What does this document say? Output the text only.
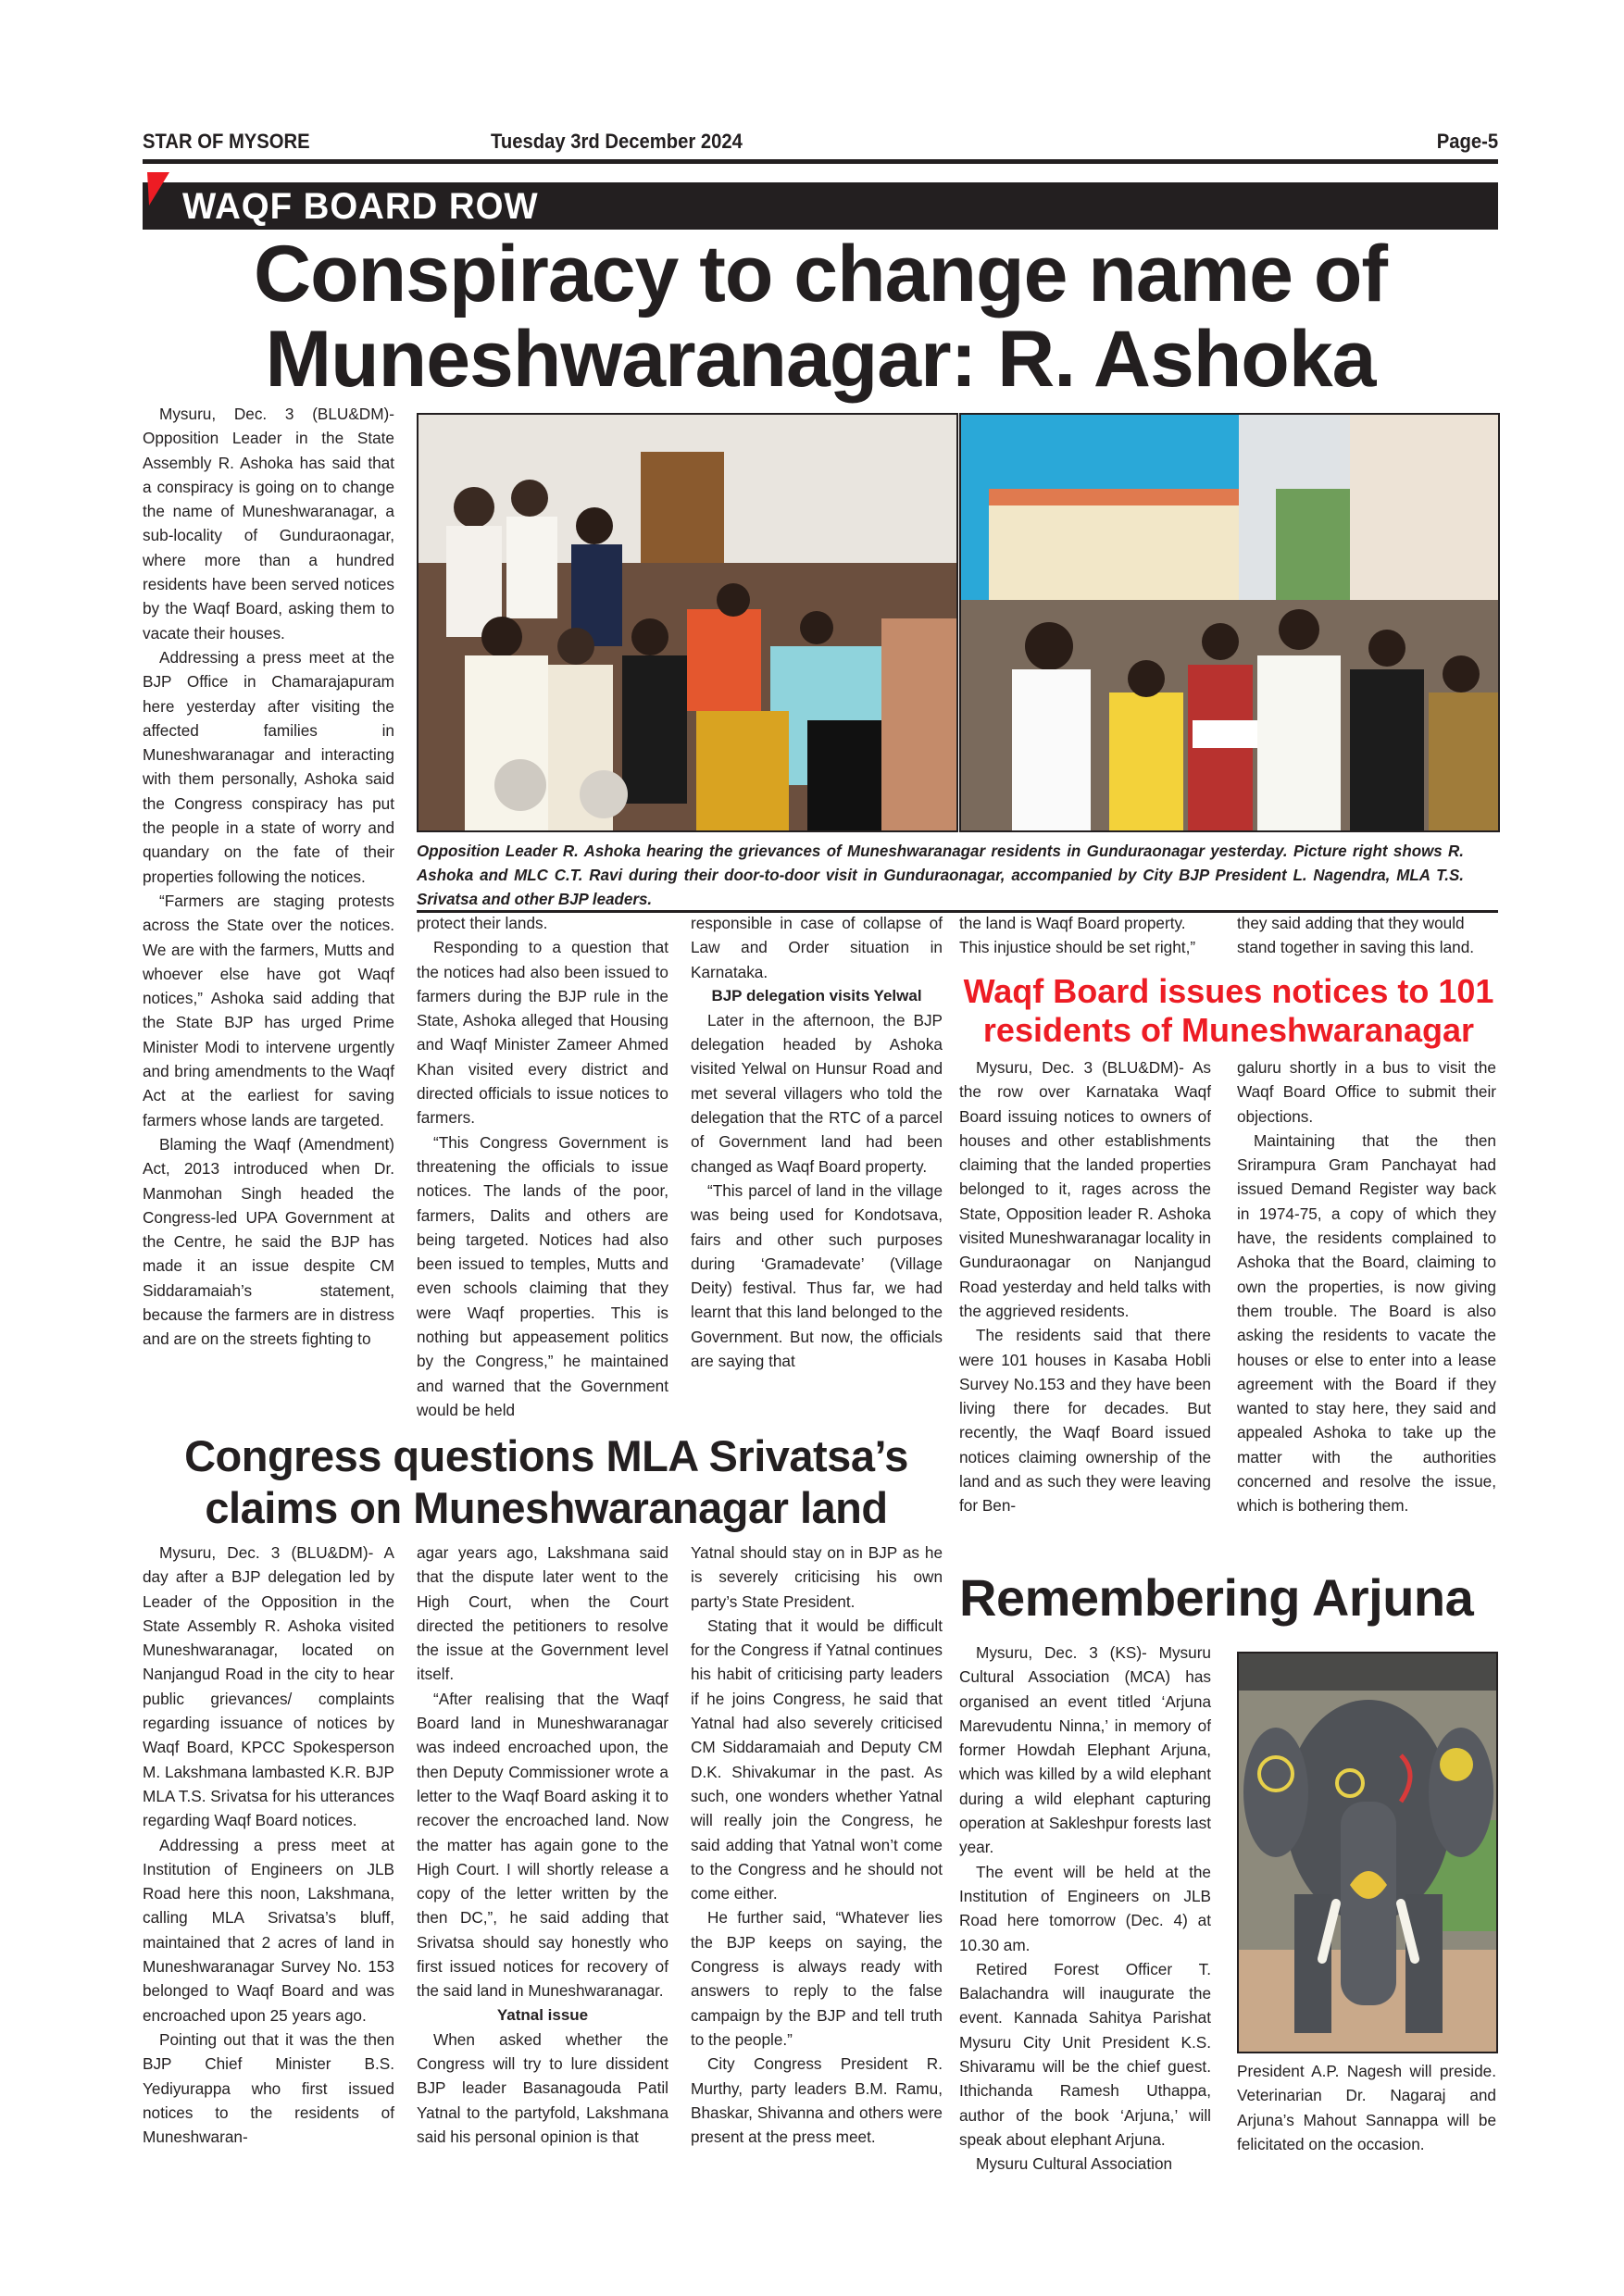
STAR OF MYSORE	Tuesday 3rd December 2024	Page-5
WAQF BOARD ROW
Conspiracy to change name of
Muneshwaranagar: R. Ashoka

Mysuru, Dec. 3 (BLU&DM)- Opposition Leader in the State Assembly R. Ashoka has said that a conspiracy is going on to change the name of Muneshwaranagar, a sub-locality of Gunduraonagar, where more than a hundred residents have been served notices by the Waqf Board, asking them to vacate their houses.

Addressing a press meet at the BJP Office in Chamarajapuram here yesterday after visiting the affected families in Muneshwaranagar and interacting with them personally, Ashoka said the Congress conspiracy has put the people in a state of worry and quandary on the fate of their properties following the notices.

“Farmers are staging protests across the State over the notices. We are with the farmers, Mutts and whoever else have got Waqf notices,” Ashoka said adding that the State BJP has urged Prime Minister Modi to intervene urgently and bring amendments to the Waqf Act at the earliest for saving farmers whose lands are targeted.

Blaming the Waqf (Amendment) Act, 2013 introduced when Dr. Manmohan Singh headed the Congress-led UPA Government at the Centre, he said the BJP has made it an issue despite CM Siddaramaiah’s statement, because the farmers are in distress and are on the streets fighting to

Opposition Leader R. Ashoka hearing the grievances of Muneshwaranagar residents in Gunduraonagar yesterday. Picture right shows R. Ashoka and MLC C.T. Ravi during their door-to-door visit in Gunduraonagar, accompanied by City BJP President L. Nagendra, MLA T.S. Srivatsa and other BJP leaders.

protect their lands.

Responding to a question that the notices had also been issued to farmers during the BJP rule in the State, Ashoka alleged that Housing and Waqf Minister Zameer Ahmed Khan visited every district and directed officials to issue notices to farmers.

“This Congress Government is threatening the officials to issue notices. The lands of the poor, farmers, Dalits and others are being targeted. Notices had also been issued to temples, Mutts and even schools claiming that they were Waqf properties. This is nothing but appeasement politics by the Congress,” he maintained and warned that the Government would be held

responsible in case of collapse of Law and Order situation in Karnataka.

BJP delegation visits Yelwal

Later in the afternoon, the BJP delegation headed by Ashoka visited Yelwal on Hunsur Road and met several villagers who told the delegation that the RTC of a parcel of Government land had been changed as Waqf Board property.

“This parcel of land in the village was being used for Kondotsava, fairs and other such purposes during ‘Gramadevate’ (Village Deity) festival. Thus far, we had learnt that this land belonged to the Government. But now, the officials are saying that

the land is Waqf Board property. This injustice should be set right,”

they said adding that they would stand together in saving this land.

Waqf Board issues notices to 101 residents of Muneshwaranagar

Mysuru, Dec. 3 (BLU&DM)- As the row over Karnataka Waqf Board issuing notices to owners of houses and other establishments claiming that the landed properties belonged to it, rages across the State, Opposition leader R. Ashoka visited Muneshwaranagar locality in Gunduraonagar on Nanjangud Road yesterday and held talks with the aggrieved residents.

The residents said that there were 101 houses in Kasaba Hobli Survey No.153 and they have been living there for decades. But recently, the Waqf Board issued notices claiming ownership of the land and as such they were leaving for Ben-

galuru shortly in a bus to visit the Waqf Board Office to submit their objections.

Maintaining that the then Srirampura Gram Panchayat had issued Demand Register way back in 1974-75, a copy of which they have, the residents complained to Ashoka that the Board, claiming to own the properties, is now giving them trouble. The Board is also asking the residents to vacate the houses or else to enter into a lease agreement with the Board if they wanted to stay here, they said and appealed Ashoka to take up the matter with the authorities concerned and resolve the issue, which is bothering them.

Congress questions MLA Srivatsa’s
claims on Muneshwaranagar land

Mysuru, Dec. 3 (BLU&DM)- A day after a BJP delegation led by Leader of the Opposition in the State Assembly R. Ashoka visited Muneshwaranagar, located on Nanjangud Road in the city to hear public grievances/ complaints regarding issuance of notices by Waqf Board, KPCC Spokesperson M. Lakshmana lambasted K.R. BJP MLA T.S. Srivatsa for his utterances regarding Waqf Board notices.

Addressing a press meet at Institution of Engineers on JLB Road here this noon, Lakshmana, calling MLA Srivatsa’s bluff, maintained that 2 acres of land in Muneshwaranagar Survey No. 153 belonged to Waqf Board and was encroached upon 25 years ago.

Pointing out that it was the then BJP Chief Minister B.S. Yediyurappa who first issued notices to the residents of Muneshwaran-

agar years ago, Lakshmana said that the dispute later went to the High Court, when the Court directed the petitioners to resolve the issue at the Government level itself.

“After realising that the Waqf Board land in Muneshwaranagar was indeed encroached upon, the then Deputy Commissioner wrote a letter to the Waqf Board asking it to recover the encroached land. Now the matter has again gone to the High Court. I will shortly release a copy of the letter written by the then DC,”, he said adding that Srivatsa should say honestly who first issued notices for recovery of the said land in Muneshwaranagar.

Yatnal issue

When asked whether the Congress will try to lure dissident BJP leader Basanagouda Patil Yatnal to the partyfold, Lakshmana said his personal opinion is that

Yatnal should stay on in BJP as he is severely criticising his own party’s State President.

Stating that it would be difficult for the Congress if Yatnal continues his habit of criticising party leaders if he joins Congress, he said that Yatnal had also severely criticised CM Siddaramaiah and Deputy CM D.K. Shivakumar in the past. As such, one wonders whether Yatnal will really join the Congress, he said adding that Yatnal won’t come to the Congress and he should not come either.

He further said, “Whatever lies the BJP keeps on saying, the Congress is always ready with answers to reply to the false campaign by the BJP and tell truth to the people.”

City Congress President R. Murthy, party leaders B.M. Ramu, Bhaskar, Shivanna and others were present at the press meet.

Remembering Arjuna

Mysuru, Dec. 3 (KS)- Mysuru Cultural Association (MCA) has organised an event titled ‘Arjuna Marevudentu Ninna,’ in memory of former Howdah Elephant Arjuna, which was killed by a wild elephant during a wild elephant capturing operation at Sakleshpur forests last year.

The event will be held at the Institution of Engineers on JLB Road here tomorrow (Dec. 4) at 10.30 am.

Retired Forest Officer T. Balachandra will inaugurate the event. Kannada Sahitya Parishat Mysuru City Unit President K.S. Shivaramu will be the chief guest. Ithichanda Ramesh Uthappa, author of the book ‘Arjuna,’ will speak about elephant Arjuna.

Mysuru Cultural Association

President A.P. Nagesh will preside. Veterinarian Dr. Nagaraj and Arjuna’s Mahout Sannappa will be felicitated on the occasion.
